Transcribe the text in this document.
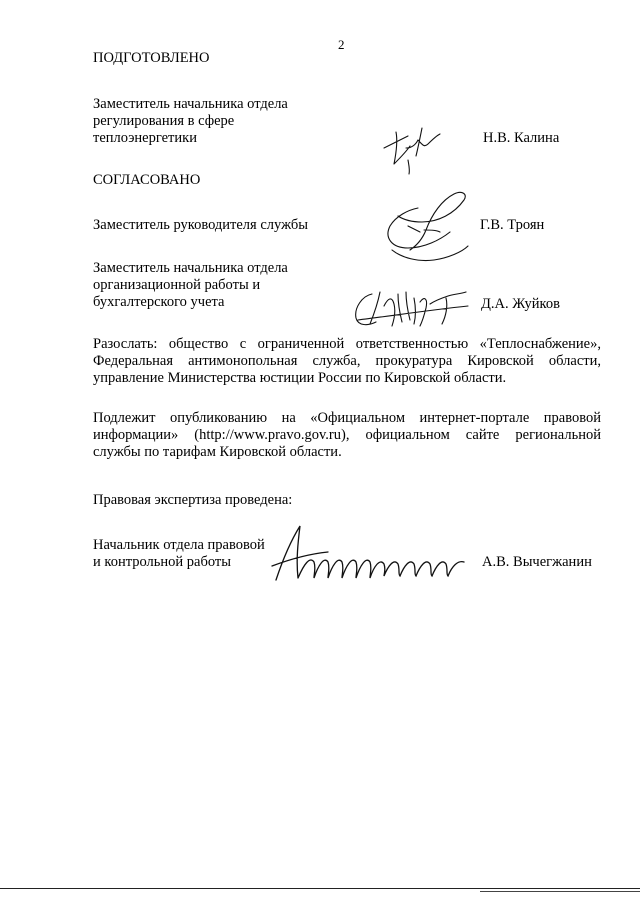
2
ПОДГОТОВЛЕНО
Заместитель начальника отдела
регулирования в сфере
теплоэнергетики	Н.В. Калина
СОГЛАСОВАНО
Заместитель руководителя службы	Г.В. Троян
Заместитель начальника отдела
организационной работы и
бухгалтерского учета	Д.А. Жуйков
Разослать: общество с ограниченной ответственностью «Теплоснабжение»,
Федеральная антимонопольная служба, прокуратура Кировской области,
управление Министерства юстиции России по Кировской области.
Подлежит опубликованию на «Официальном интернет-портале правовой
информации» (http://www.pravo.gov.ru), официальном сайте региональной
службы по тарифам Кировской области.
Правовая экспертиза проведена:
Начальник отдела правовой
и контрольной работы	А.В. Вычегжанин
